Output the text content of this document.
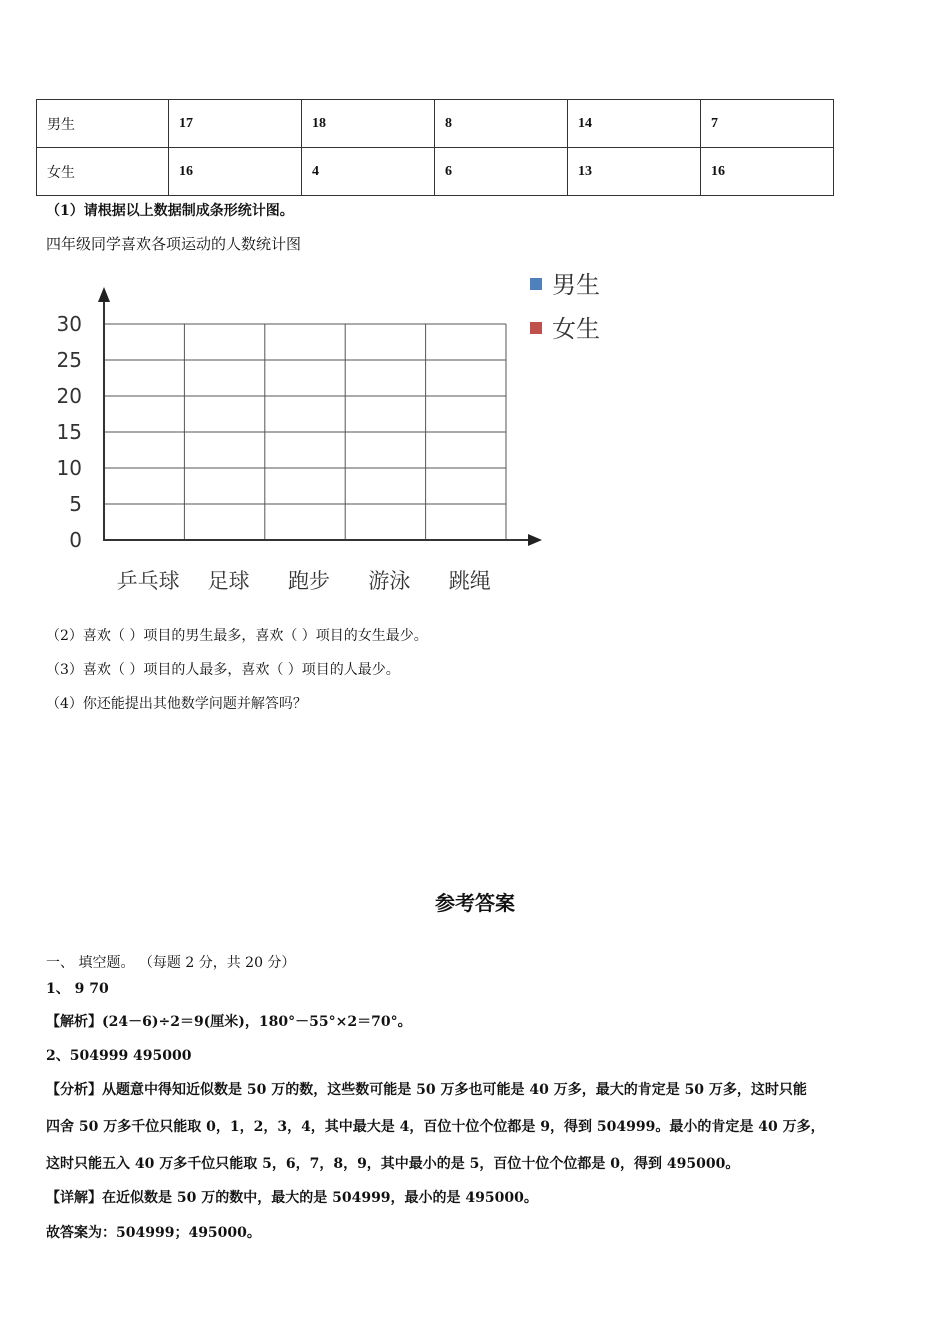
男生	17	18	8	14	7
女生	16	4	6	13	16
（1）请根据以上数据制成条形统计图。
四年级同学喜欢各项运动的人数统计图
0
5
10
15
20
25
30
乒乓球 足球 跑步 游泳 跳绳
男生
女生
（2）喜欢（ ）项目的男生最多，喜欢（ ）项目的女生最少。
（3）喜欢（ ）项目的人最多，喜欢（ ）项目的人最少。
（4）你还能提出其他数学问题并解答吗？
参考答案
一、 填空题。 （每题 2 分，共 20 分）
1、 9 70
【解析】(24－6)÷2＝9(厘米)，180°－55°×2＝70°。
2、504999 495000
【分析】从题意中得知近似数是 50 万的数，这些数可能是 50 万多也可能是 40 万多，最大的肯定是 50 万多，这时只能
四舍 50 万多千位只能取 0，1，2，3，4，其中最大是 4，百位十位个位都是 9，得到 504999。最小的肯定是 40 万多，
这时只能五入 40 万多千位只能取 5，6，7，8，9，其中最小的是 5，百位十位个位都是 0，得到 495000。
【详解】在近似数是 50 万的数中，最大的是 504999，最小的是 495000。
故答案为：504999；495000。
